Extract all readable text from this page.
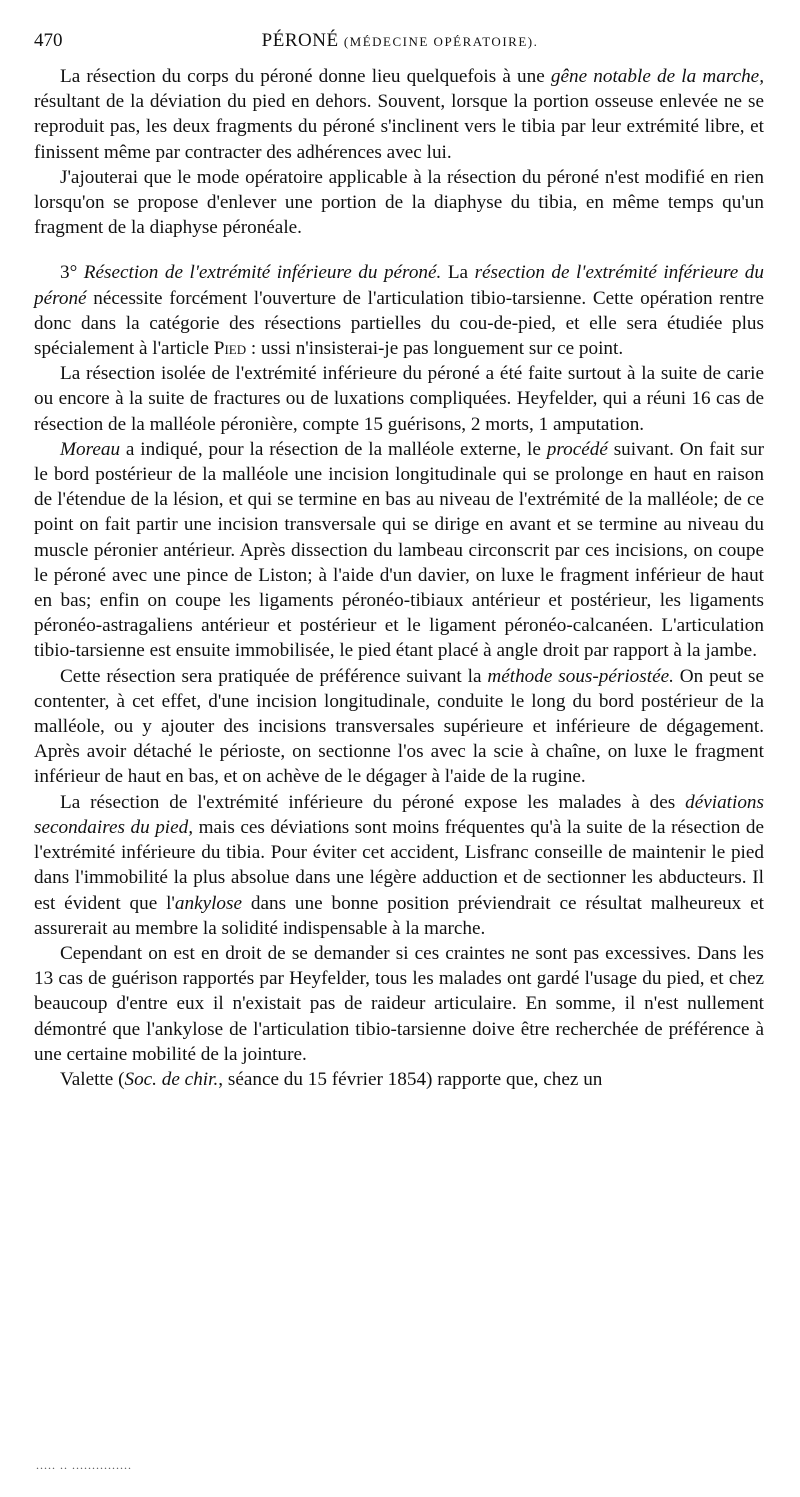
470	PÉRONÉ (MÉDECINE OPÉRATOIRE).

La résection du corps du péroné donne lieu quelquefois à une gêne notable de la marche, résultant de la déviation du pied en dehors. Souvent, lorsque la portion osseuse enlevée ne se reproduit pas, les deux fragments du péroné s'inclinent vers le tibia par leur extrémité libre, et finissent même par contracter des adhérences avec lui.

J'ajouterai que le mode opératoire applicable à la résection du péroné n'est modifié en rien lorsqu'on se propose d'enlever une portion de la diaphyse du tibia, en même temps qu'un fragment de la diaphyse péronéale.

3° Résection de l'extrémité inférieure du péroné. La résection de l'extrémité inférieure du péroné nécessite forcément l'ouverture de l'articulation tibio-tarsienne. Cette opération rentre donc dans la catégorie des résections partielles du cou-de-pied, et elle sera étudiée plus spécialement à l'article Pied : ussi n'insisterai-je pas longuement sur ce point.

La résection isolée de l'extrémité inférieure du péroné a été faite surtout à la suite de carie ou encore à la suite de fractures ou de luxations compliquées. Heyfelder, qui a réuni 16 cas de résection de la malléole péronière, compte 15 guérisons, 2 morts, 1 amputation.

Moreau a indiqué, pour la résection de la malléole externe, le procédé suivant. On fait sur le bord postérieur de la malléole une incision longitudinale qui se prolonge en haut en raison de l'étendue de la lésion, et qui se termine en bas au niveau de l'extrémité de la malléole; de ce point on fait partir une incision transversale qui se dirige en avant et se termine au niveau du muscle péronier antérieur. Après dissection du lambeau circonscrit par ces incisions, on coupe le péroné avec une pince de Liston; à l'aide d'un davier, on luxe le fragment inférieur de haut en bas; enfin on coupe les ligaments péronéo-tibiaux antérieur et postérieur, les ligaments péronéo-astragaliens antérieur et postérieur et le ligament péronéo-calcanéen. L'articulation tibio-tarsienne est ensuite immobilisée, le pied étant placé à angle droit par rapport à la jambe.

Cette résection sera pratiquée de préférence suivant la méthode sous-périostée. On peut se contenter, à cet effet, d'une incision longitudinale, conduite le long du bord postérieur de la malléole, ou y ajouter des incisions transversales supérieure et inférieure de dégagement. Après avoir détaché le périoste, on sectionne l'os avec la scie à chaîne, on luxe le fragment inférieur de haut en bas, et on achève de le dégager à l'aide de la rugine.

La résection de l'extrémité inférieure du péroné expose les malades à des déviations secondaires du pied, mais ces déviations sont moins fréquentes qu'à la suite de la résection de l'extrémité inférieure du tibia. Pour éviter cet accident, Lisfranc conseille de maintenir le pied dans l'immobilité la plus absolue dans une légère adduction et de sectionner les abducteurs. Il est évident que l'ankylose dans une bonne position préviendrait ce résultat malheureux et assurerait au membre la solidité indispensable à la marche.

Cependant on est en droit de se demander si ces craintes ne sont pas excessives. Dans les 13 cas de guérison rapportés par Heyfelder, tous les malades ont gardé l'usage du pied, et chez beaucoup d'entre eux il n'existait pas de raideur articulaire. En somme, il n'est nullement démontré que l'ankylose de l'articulation tibio-tarsienne doive être recherchée de préférence à une certaine mobilité de la jointure.

Valette (Soc. de chir., séance du 15 février 1854) rapporte que, chez un

..... .. ...............
